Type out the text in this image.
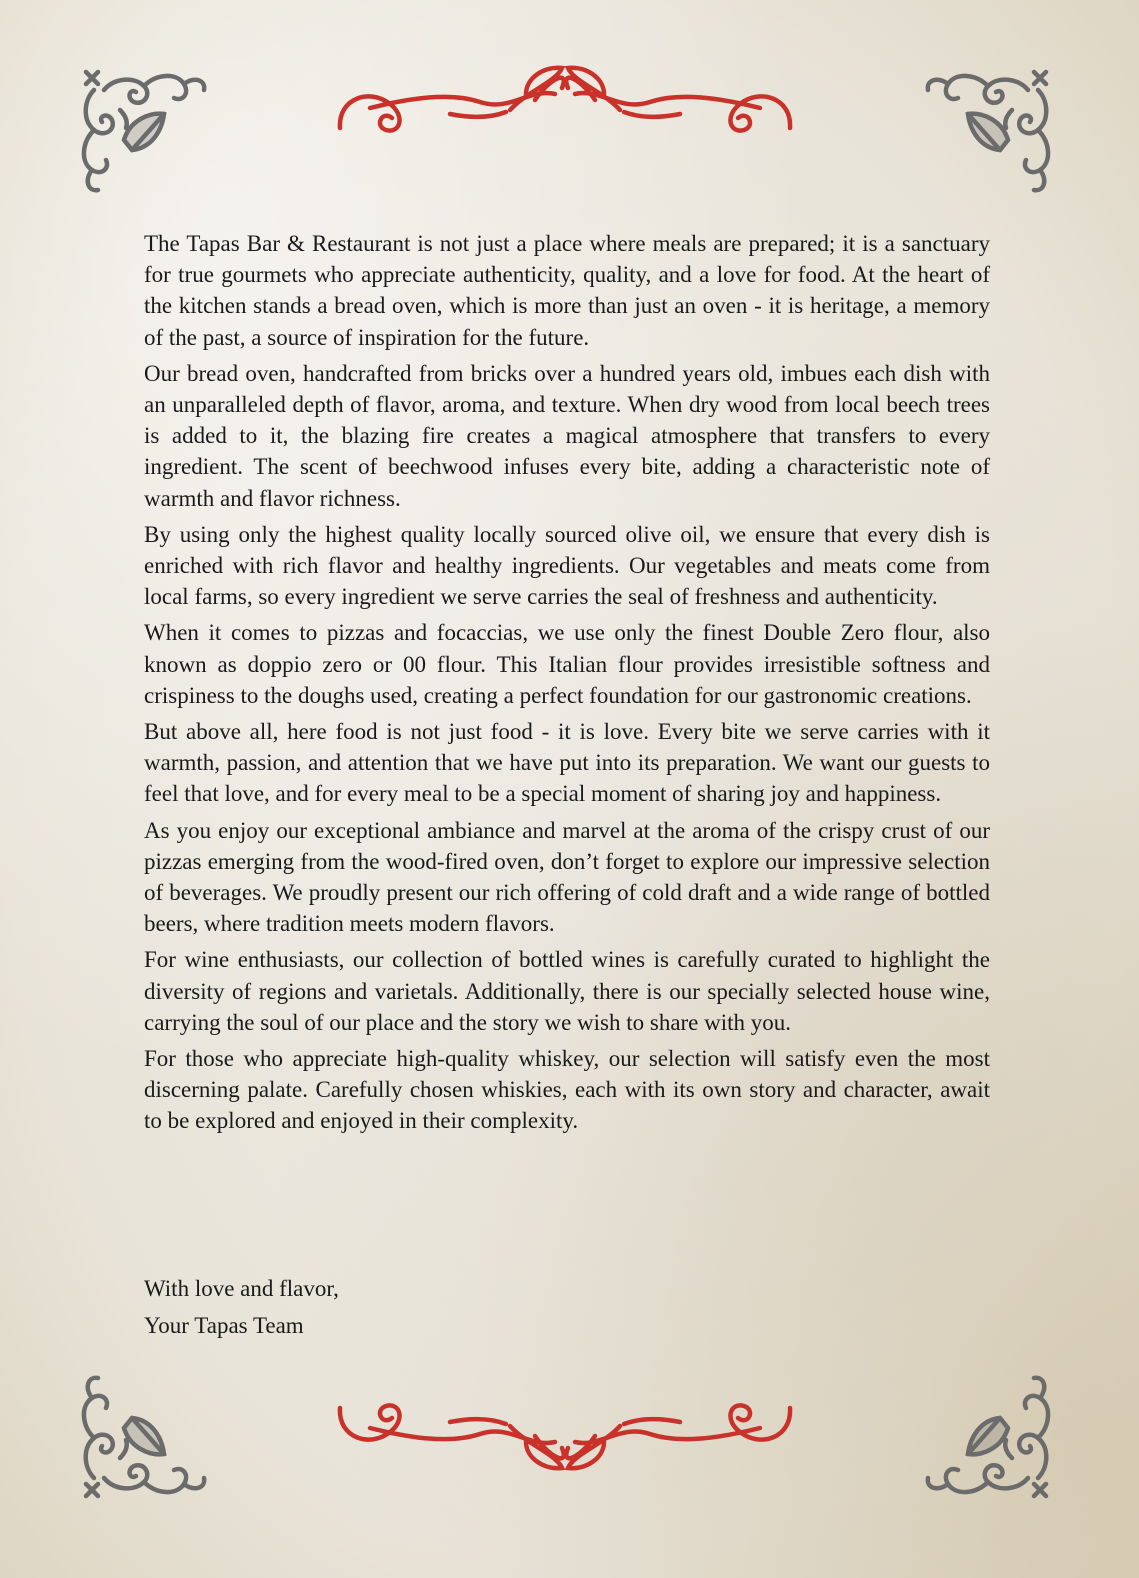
The Tapas Bar & Restaurant is not just a place where meals are prepared; it is a sanctuary for true gourmets who appreciate authenticity, quality, and a love for food. At the heart of the kitchen stands a bread oven, which is more than just an oven - it is heritage, a memory of the past, a source of inspiration for the future.

Our bread oven, handcrafted from bricks over a hundred years old, imbues each dish with an unparalleled depth of flavor, aroma, and texture. When dry wood from local beech trees is added to it, the blazing fire creates a magical atmosphere that transfers to every ingredient. The scent of beechwood infuses every bite, adding a characteristic note of warmth and flavor richness.

By using only the highest quality locally sourced olive oil, we ensure that every dish is enriched with rich flavor and healthy ingredients. Our vegetables and meats come from local farms, so every ingredient we serve carries the seal of freshness and authenticity.

When it comes to pizzas and focaccias, we use only the finest Double Zero flour, also known as doppio zero or 00 flour. This Italian flour provides irresistible softness and crispiness to the doughs used, creating a perfect foundation for our gastronomic creations.

But above all, here food is not just food - it is love. Every bite we serve carries with it warmth, passion, and attention that we have put into its preparation. We want our guests to feel that love, and for every meal to be a special moment of sharing joy and happiness.

As you enjoy our exceptional ambiance and marvel at the aroma of the crispy crust of our pizzas emerging from the wood-fired oven, don’t forget to explore our impressive selection of beverages. We proudly present our rich offering of cold draft and a wide range of bottled beers, where tradition meets modern flavors.

For wine enthusiasts, our collection of bottled wines is carefully curated to highlight the diversity of regions and varietals. Additionally, there is our specially selected house wine, carrying the soul of our place and the story we wish to share with you.

For those who appreciate high-quality whiskey, our selection will satisfy even the most discerning palate. Carefully chosen whiskies, each with its own story and character, await to be explored and enjoyed in their complexity.

With love and flavor,
Your Tapas Team
